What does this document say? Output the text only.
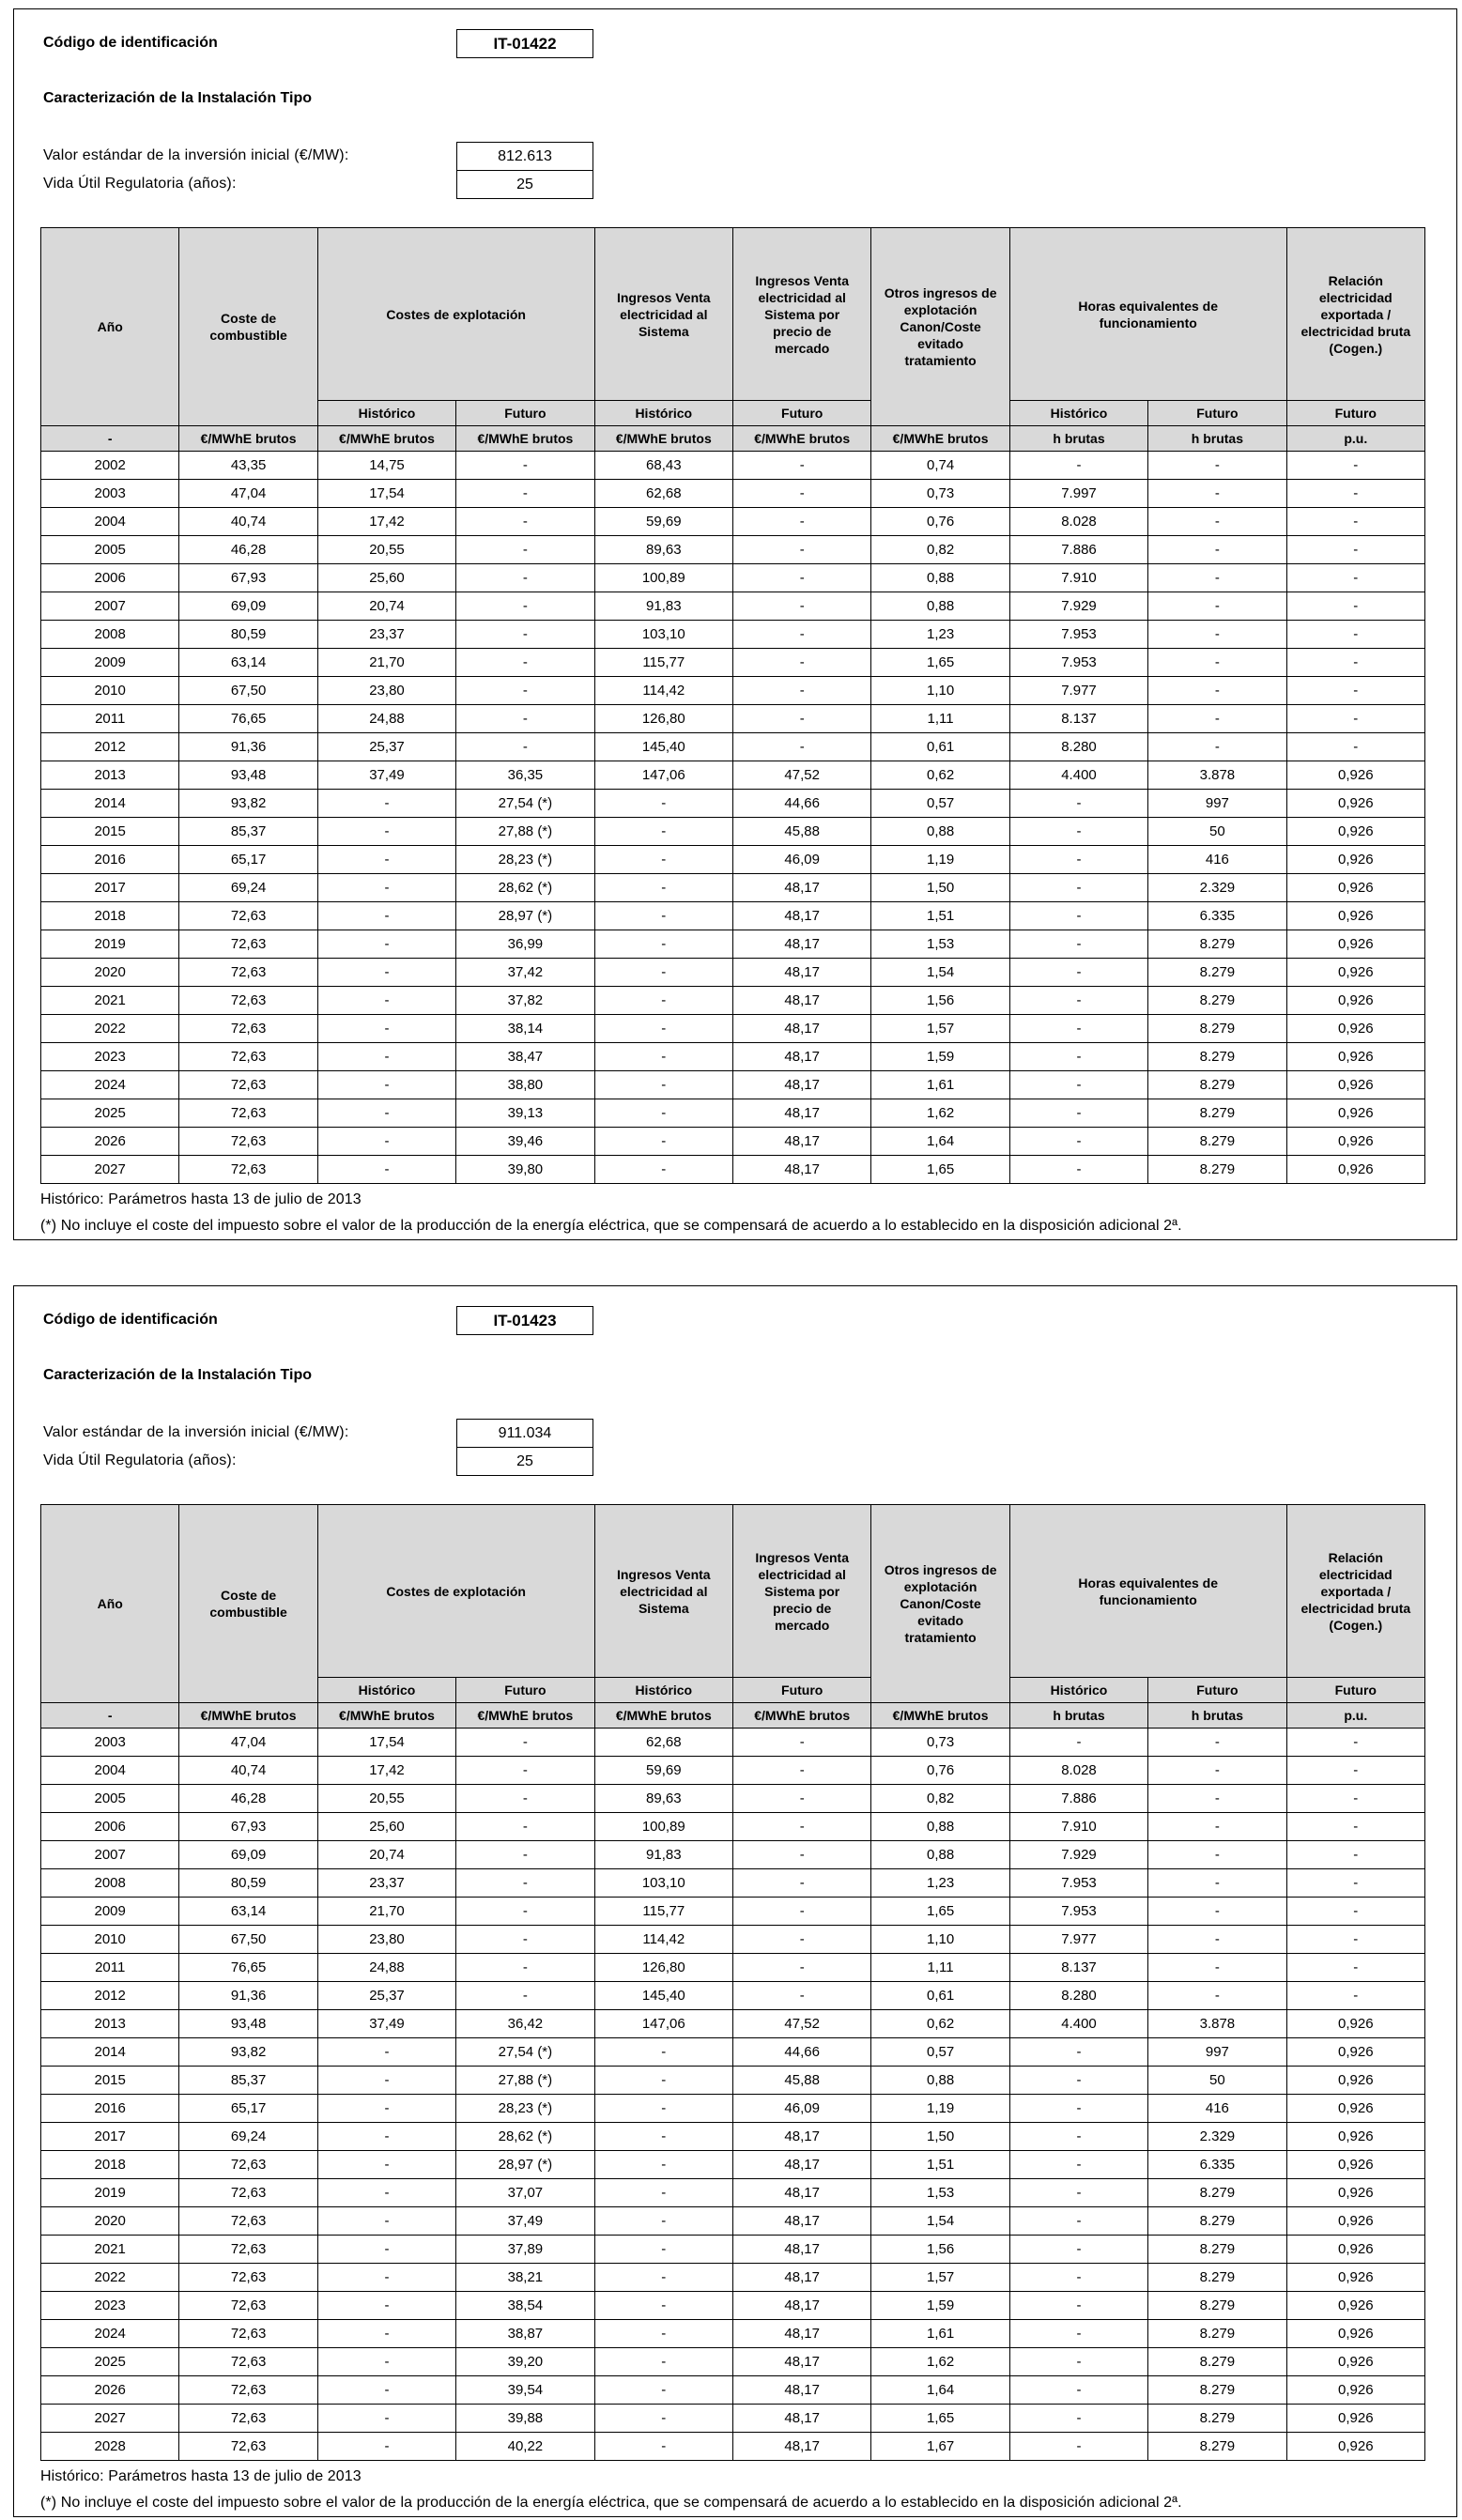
Código de identificación	IT-01422
Caracterización de la Instalación Tipo
Valor estándar de la inversión inicial (€/MW):	812.613
Vida Útil Regulatoria (años):	25
Año
Coste de combustible
Costes de explotación
Ingresos Venta electricidad al Sistema
Ingresos Venta electricidad al Sistema por precio de mercado
Otros ingresos de explotación Canon/Coste evitado tratamiento
Horas equivalentes de funcionamiento
Relación electricidad exportada / electricidad bruta (Cogen.)
Histórico	Futuro	Histórico	Futuro	Histórico	Futuro	Futuro
-	€/MWhE brutos	€/MWhE brutos	€/MWhE brutos	€/MWhE brutos	€/MWhE brutos	€/MWhE brutos	h brutas	h brutas	p.u.
2002	43,35	14,75	-	68,43	-	0,74	-	-	-
2003	47,04	17,54	-	62,68	-	0,73	7.997	-	-
2004	40,74	17,42	-	59,69	-	0,76	8.028	-	-
2005	46,28	20,55	-	89,63	-	0,82	7.886	-	-
2006	67,93	25,60	-	100,89	-	0,88	7.910	-	-
2007	69,09	20,74	-	91,83	-	0,88	7.929	-	-
2008	80,59	23,37	-	103,10	-	1,23	7.953	-	-
2009	63,14	21,70	-	115,77	-	1,65	7.953	-	-
2010	67,50	23,80	-	114,42	-	1,10	7.977	-	-
2011	76,65	24,88	-	126,80	-	1,11	8.137	-	-
2012	91,36	25,37	-	145,40	-	0,61	8.280	-	-
2013	93,48	37,49	36,35	147,06	47,52	0,62	4.400	3.878	0,926
2014	93,82	-	27,54 (*)	-	44,66	0,57	-	997	0,926
2015	85,37	-	27,88 (*)	-	45,88	0,88	-	50	0,926
2016	65,17	-	28,23 (*)	-	46,09	1,19	-	416	0,926
2017	69,24	-	28,62 (*)	-	48,17	1,50	-	2.329	0,926
2018	72,63	-	28,97 (*)	-	48,17	1,51	-	6.335	0,926
2019	72,63	-	36,99	-	48,17	1,53	-	8.279	0,926
2020	72,63	-	37,42	-	48,17	1,54	-	8.279	0,926
2021	72,63	-	37,82	-	48,17	1,56	-	8.279	0,926
2022	72,63	-	38,14	-	48,17	1,57	-	8.279	0,926
2023	72,63	-	38,47	-	48,17	1,59	-	8.279	0,926
2024	72,63	-	38,80	-	48,17	1,61	-	8.279	0,926
2025	72,63	-	39,13	-	48,17	1,62	-	8.279	0,926
2026	72,63	-	39,46	-	48,17	1,64	-	8.279	0,926
2027	72,63	-	39,80	-	48,17	1,65	-	8.279	0,926
Histórico: Parámetros hasta 13 de julio de 2013
(*) No incluye el coste del impuesto sobre el valor de la producción de la energía eléctrica, que se compensará de acuerdo a lo establecido en la disposición adicional 2ª.
Código de identificación	IT-01423
Caracterización de la Instalación Tipo
Valor estándar de la inversión inicial (€/MW):	911.034
Vida Útil Regulatoria (años):	25
Año
Coste de combustible
Costes de explotación
Ingresos Venta electricidad al Sistema
Ingresos Venta electricidad al Sistema por precio de mercado
Otros ingresos de explotación Canon/Coste evitado tratamiento
Horas equivalentes de funcionamiento
Relación electricidad exportada / electricidad bruta (Cogen.)
Histórico	Futuro	Histórico	Futuro	Histórico	Futuro	Futuro
-	€/MWhE brutos	€/MWhE brutos	€/MWhE brutos	€/MWhE brutos	€/MWhE brutos	€/MWhE brutos	h brutas	h brutas	p.u.
2003	47,04	17,54	-	62,68	-	0,73	-	-	-
2004	40,74	17,42	-	59,69	-	0,76	8.028	-	-
2005	46,28	20,55	-	89,63	-	0,82	7.886	-	-
2006	67,93	25,60	-	100,89	-	0,88	7.910	-	-
2007	69,09	20,74	-	91,83	-	0,88	7.929	-	-
2008	80,59	23,37	-	103,10	-	1,23	7.953	-	-
2009	63,14	21,70	-	115,77	-	1,65	7.953	-	-
2010	67,50	23,80	-	114,42	-	1,10	7.977	-	-
2011	76,65	24,88	-	126,80	-	1,11	8.137	-	-
2012	91,36	25,37	-	145,40	-	0,61	8.280	-	-
2013	93,48	37,49	36,42	147,06	47,52	0,62	4.400	3.878	0,926
2014	93,82	-	27,54 (*)	-	44,66	0,57	-	997	0,926
2015	85,37	-	27,88 (*)	-	45,88	0,88	-	50	0,926
2016	65,17	-	28,23 (*)	-	46,09	1,19	-	416	0,926
2017	69,24	-	28,62 (*)	-	48,17	1,50	-	2.329	0,926
2018	72,63	-	28,97 (*)	-	48,17	1,51	-	6.335	0,926
2019	72,63	-	37,07	-	48,17	1,53	-	8.279	0,926
2020	72,63	-	37,49	-	48,17	1,54	-	8.279	0,926
2021	72,63	-	37,89	-	48,17	1,56	-	8.279	0,926
2022	72,63	-	38,21	-	48,17	1,57	-	8.279	0,926
2023	72,63	-	38,54	-	48,17	1,59	-	8.279	0,926
2024	72,63	-	38,87	-	48,17	1,61	-	8.279	0,926
2025	72,63	-	39,20	-	48,17	1,62	-	8.279	0,926
2026	72,63	-	39,54	-	48,17	1,64	-	8.279	0,926
2027	72,63	-	39,88	-	48,17	1,65	-	8.279	0,926
2028	72,63	-	40,22	-	48,17	1,67	-	8.279	0,926
Histórico: Parámetros hasta 13 de julio de 2013
(*) No incluye el coste del impuesto sobre el valor de la producción de la energía eléctrica, que se compensará de acuerdo a lo establecido en la disposición adicional 2ª.
